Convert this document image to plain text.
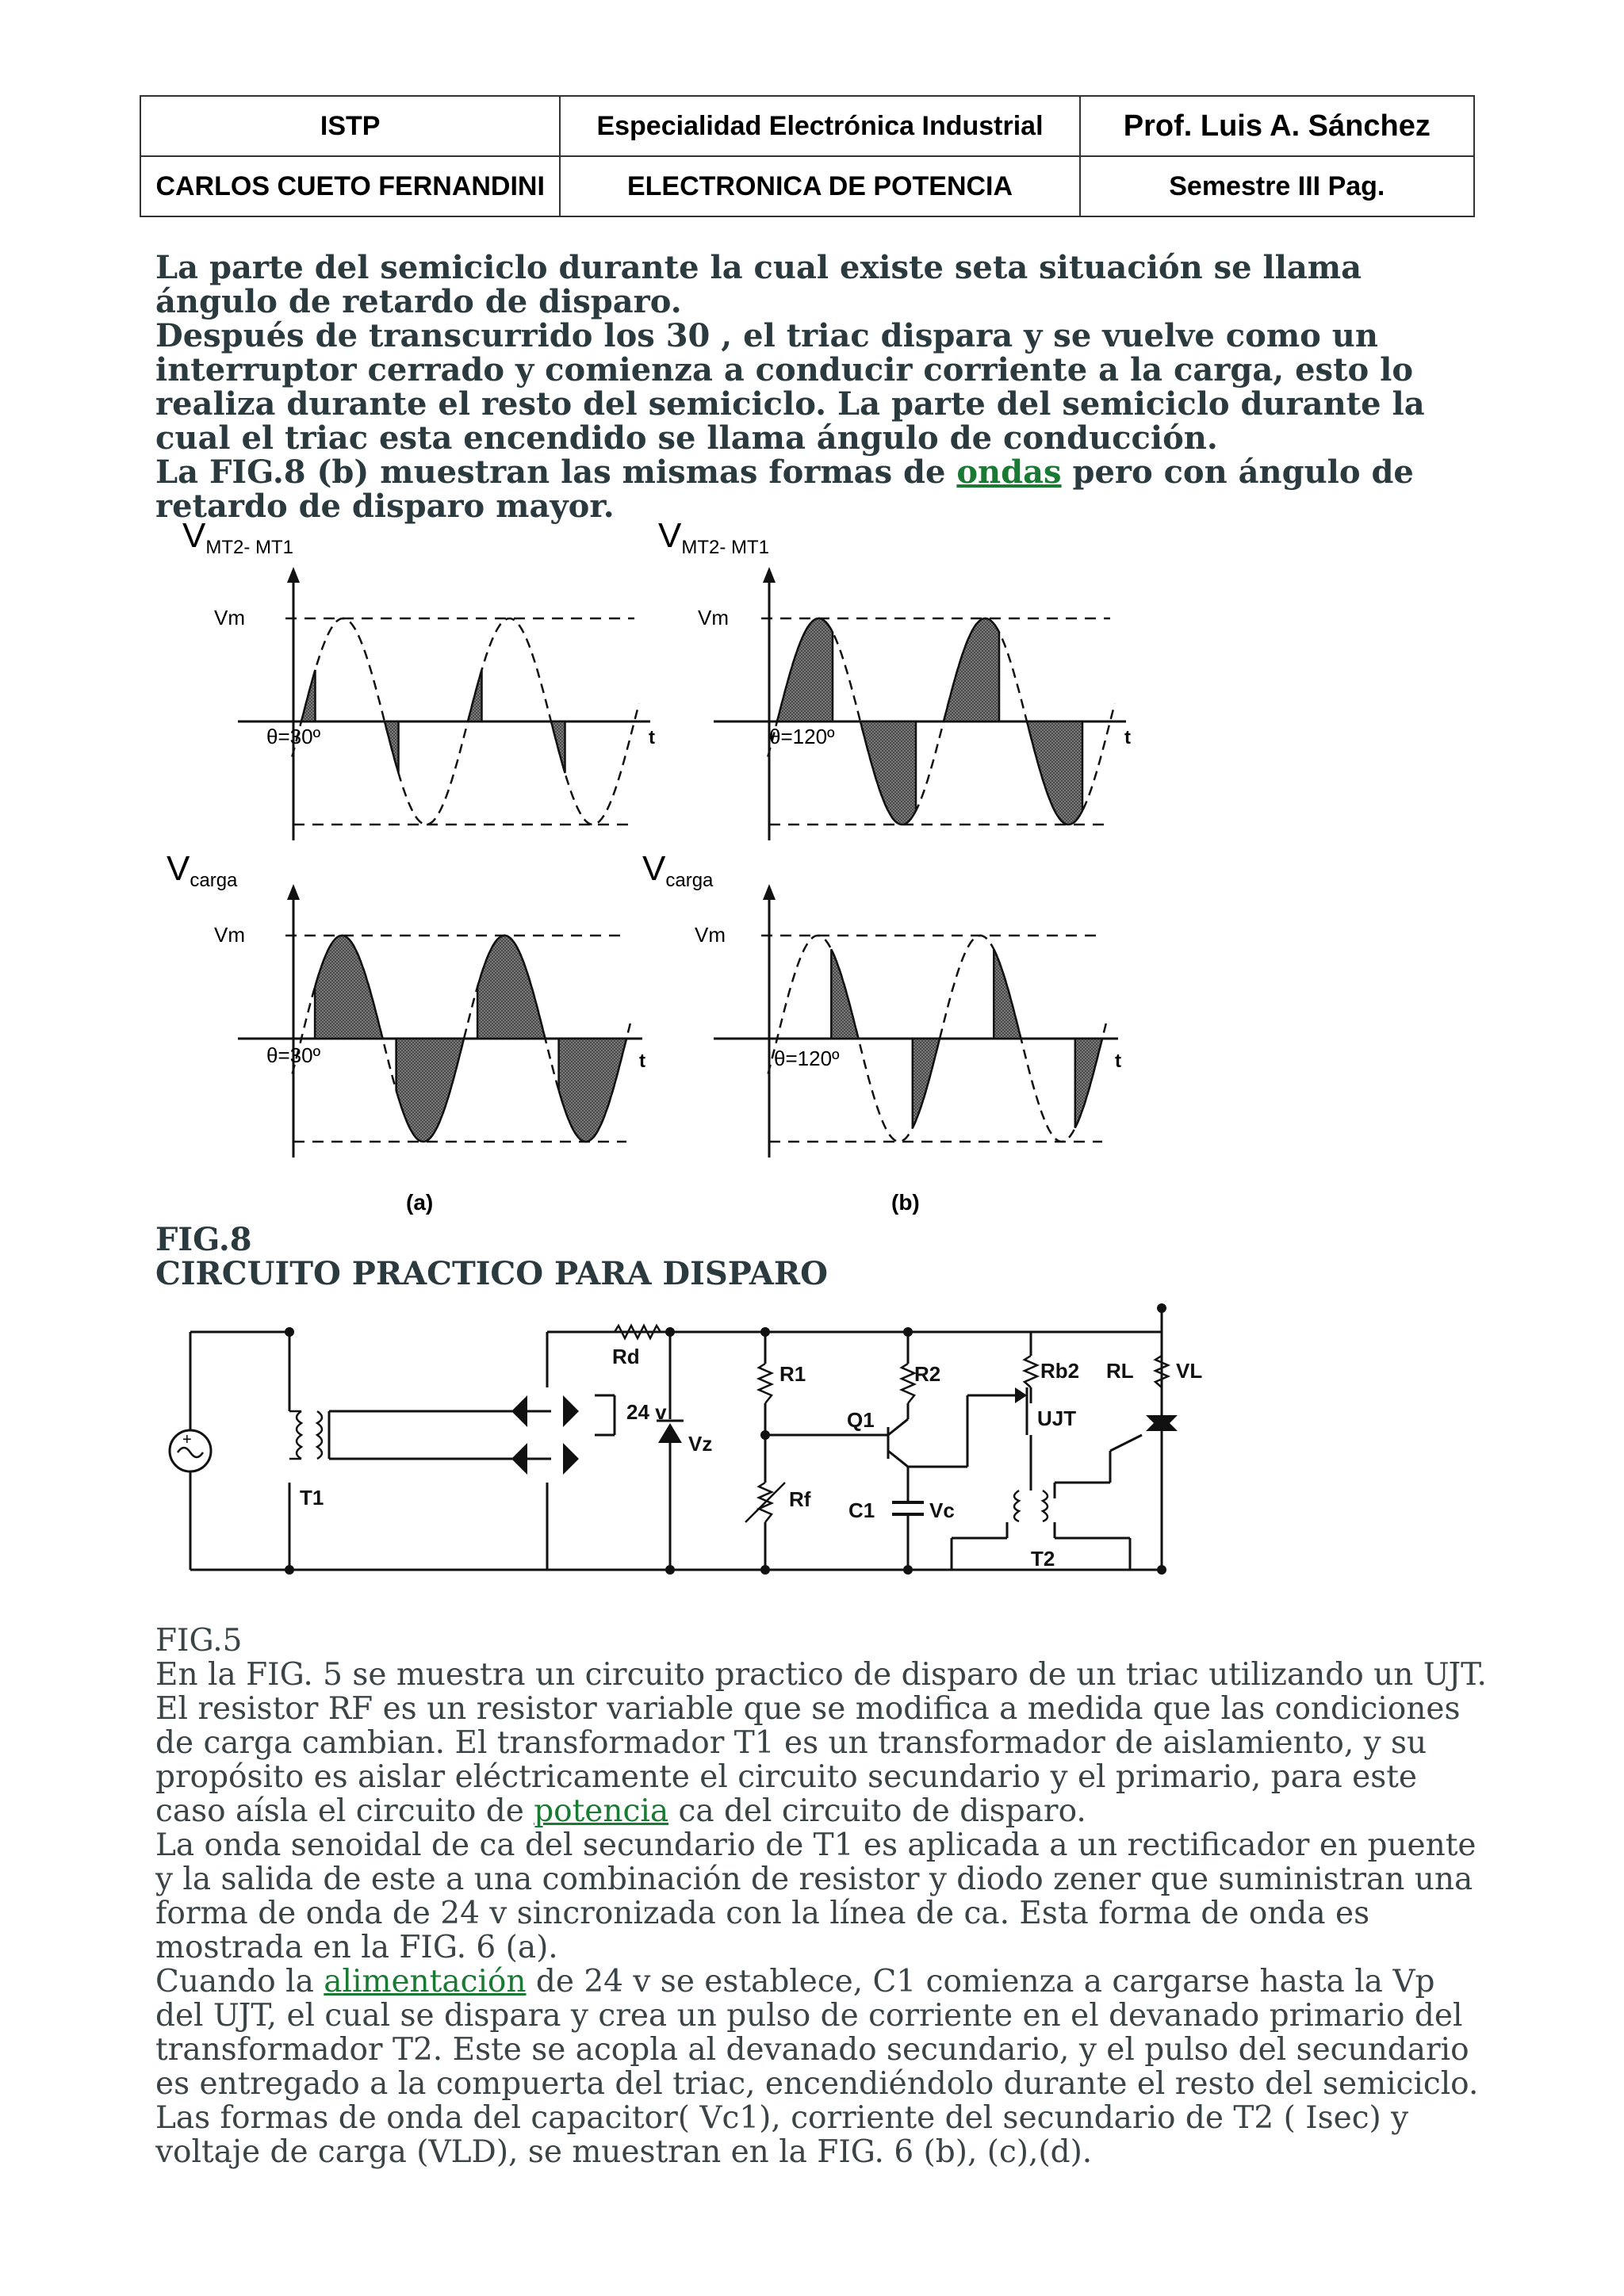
ISTP	Especialidad Electrónica Industrial	Prof. Luis A. Sánchez
CARLOS CUETO FERNANDINI	ELECTRONICA DE POTENCIA	Semestre III Pag.
La parte del semiciclo durante la cual existe seta situación se llama ángulo de retardo de disparo.
Después de transcurrido los 30 , el triac dispara y se vuelve como un interruptor cerrado y comienza a conducir corriente a la carga, esto lo realiza durante el resto del semiciclo. La parte del semiciclo durante la cual el triac esta encendido se llama ángulo de conducción.
La FIG.8 (b) muestran las mismas formas de ondas pero con ángulo de retardo de disparo mayor.
VMT2- MT1	VMT2- MT1
Vcarga	Vcarga
Vm	Vm
Vm	Vm
θ=30º	θ=120º
θ=30º	θ=120º
t	t
t	t
(a)	(b)
FIG.8
CIRCUITO PRACTICO PARA DISPARO
+
Rd
R1	R2	Rb2 RL VL
24 v
Vz
Q1	UJT
Rf C1	Vc
T1
T2
FIG.5
En la FIG. 5 se muestra un circuito practico de disparo de un triac utilizando un UJT. El resistor RF es un resistor variable que se modifica a medida que las condiciones de carga cambian. El transformador T1 es un transformador de aislamiento, y su propósito es aislar eléctricamente el circuito secundario y el primario, para este caso aísla el circuito de potencia ca del circuito de disparo.
La onda senoidal de ca del secundario de T1 es aplicada a un rectificador en puente y la salida de este a una combinación de resistor y diodo zener que suministran una forma de onda de 24 v sincronizada con la línea de ca. Esta forma de onda es mostrada en la FIG. 6 (a).
Cuando la alimentación de 24 v se establece, C1 comienza a cargarse hasta la Vp del UJT, el cual se dispara y crea un pulso de corriente en el devanado primario del transformador T2. Este se acopla al devanado secundario, y el pulso del secundario es entregado a la compuerta del triac, encendiéndolo durante el resto del semiciclo. Las formas de onda del capacitor( Vc1), corriente del secundario de T2 ( Isec) y voltaje de carga (VLD), se muestran en la FIG. 6 (b), (c),(d).
